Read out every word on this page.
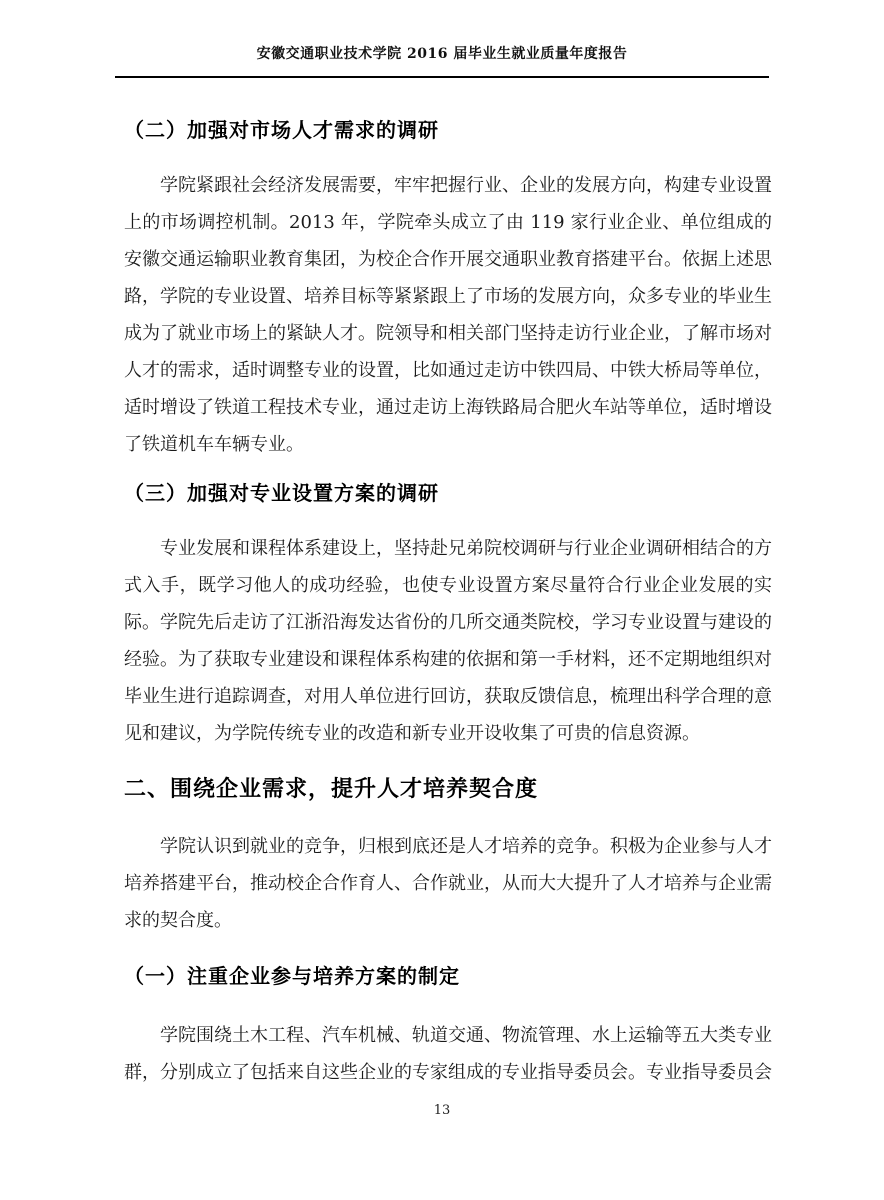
安徽交通职业技术学院 2016 届毕业生就业质量年度报告
（二）加强对市场人才需求的调研

学院紧跟社会经济发展需要，牢牢把握行业、企业的发展方向，构建专业设置上的市场调控机制。2013 年，学院牵头成立了由 119 家行业企业、单位组成的安徽交通运输职业教育集团，为校企合作开展交通职业教育搭建平台。依据上述思路，学院的专业设置、培养目标等紧紧跟上了市场的发展方向，众多专业的毕业生成为了就业市场上的紧缺人才。院领导和相关部门坚持走访行业企业，了解市场对人才的需求，适时调整专业的设置，比如通过走访中铁四局、中铁大桥局等单位，适时增设了铁道工程技术专业，通过走访上海铁路局合肥火车站等单位，适时增设了铁道机车车辆专业。

（三）加强对专业设置方案的调研

专业发展和课程体系建设上，坚持赴兄弟院校调研与行业企业调研相结合的方式入手，既学习他人的成功经验，也使专业设置方案尽量符合行业企业发展的实际。学院先后走访了江浙沿海发达省份的几所交通类院校，学习专业设置与建设的经验。为了获取专业建设和课程体系构建的依据和第一手材料，还不定期地组织对毕业生进行追踪调查，对用人单位进行回访，获取反馈信息，梳理出科学合理的意见和建议，为学院传统专业的改造和新专业开设收集了可贵的信息资源。

二、围绕企业需求，提升人才培养契合度

学院认识到就业的竞争，归根到底还是人才培养的竞争。积极为企业参与人才培养搭建平台，推动校企合作育人、合作就业，从而大大提升了人才培养与企业需求的契合度。

（一）注重企业参与培养方案的制定

学院围绕土木工程、汽车机械、轨道交通、物流管理、水上运输等五大类专业群，分别成立了包括来自这些企业的专家组成的专业指导委员会。专业指导委员会

13
